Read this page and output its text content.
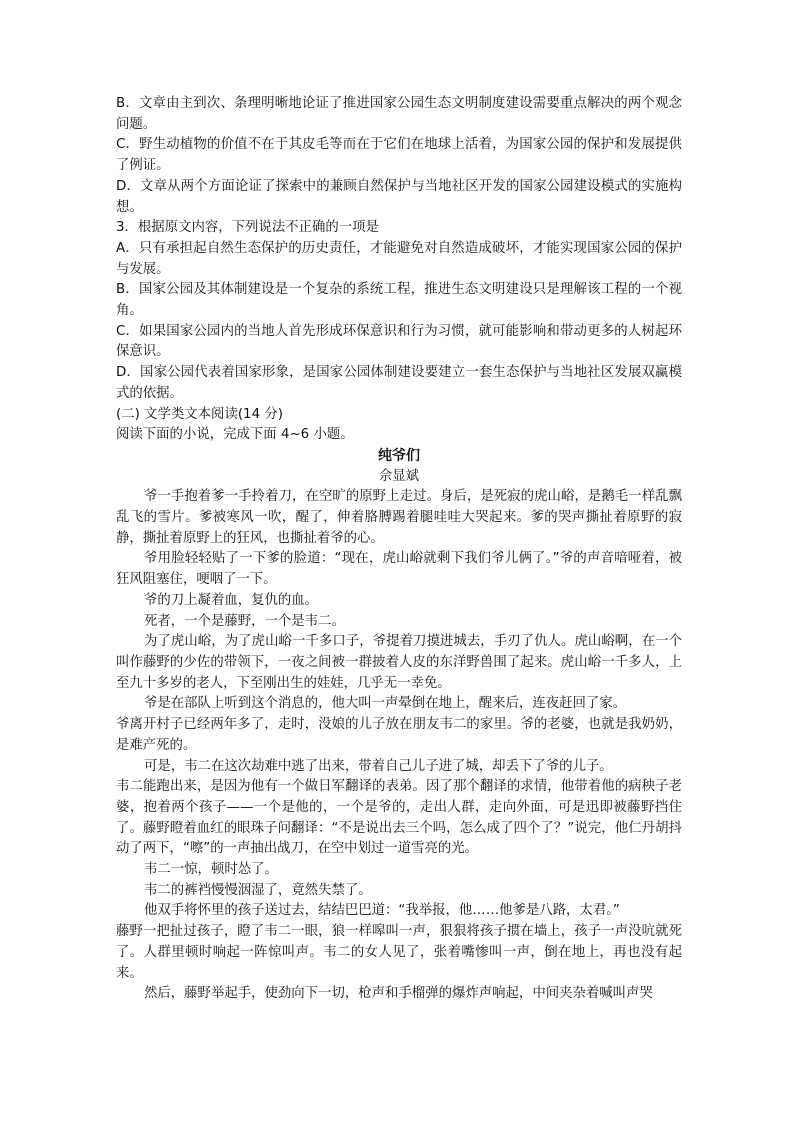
B．文章由主到次、条理明晰地论证了推进国家公园生态文明制度建设需要重点解决的两个观念问题。

C．野生动植物的价值不在于其皮毛等而在于它们在地球上活着，为国家公园的保护和发展提供了例证。

D．文章从两个方面论证了探索中的兼顾自然保护与当地社区开发的国家公园建设模式的实施构想。

3．根据原文内容，下列说法不正确的一项是

A．只有承担起自然生态保护的历史责任，才能避免对自然造成破坏，才能实现国家公园的保护与发展。

B．国家公园及其体制建设是一个复杂的系统工程，推进生态文明建设只是理解该工程的一个视角。

C．如果国家公园内的当地人首先形成环保意识和行为习惯，就可能影响和带动更多的人树起环保意识。

D．国家公园代表着国家形象，是国家公园体制建设要建立一套生态保护与当地社区发展双赢模式的依据。

(二) 文学类文本阅读(14 分)

阅读下面的小说，完成下面 4~6 小题。

纯爷们

佘显斌

爷一手抱着爹一手拎着刀，在空旷的原野上走过。身后，是死寂的虎山峪，是鹅毛一样乱飘乱飞的雪片。爹被寒风一吹，醒了，伸着胳膊踢着腿哇哇大哭起来。爹的哭声撕扯着原野的寂静，撕扯着原野上的狂风，也撕扯着爷的心。

爷用脸轻轻贴了一下爹的脸道：“现在，虎山峪就剩下我们爷儿俩了。”爷的声音喑哑着，被狂风阻塞住，哽咽了一下。

爷的刀上凝着血，复仇的血。

死者，一个是藤野，一个是韦二。

为了虎山峪，为了虎山峪一千多口子，爷提着刀摸进城去，手刃了仇人。虎山峪啊，在一个叫作藤野的少佐的带领下，一夜之间被一群披着人皮的东洋野兽围了起来。虎山峪一千多人，上至九十多岁的老人，下至刚出生的娃娃，几乎无一幸免。

爷是在部队上听到这个消息的，他大叫一声晕倒在地上，醒来后，连夜赶回了家。

爷离开村子已经两年多了，走时，没娘的儿子放在朋友韦二的家里。爷的老婆，也就是我奶奶，是难产死的。

可是，韦二在这次劫难中逃了出来，带着自己儿子进了城，却丢下了爷的儿子。

韦二能跑出来，是因为他有一个做日军翻译的表弟。因了那个翻译的求情，他带着他的病秧子老婆，抱着两个孩子——一个是他的，一个是爷的，走出人群，走向外面，可是迅即被藤野挡住了。藤野瞪着血红的眼珠子问翻译：“不是说出去三个吗，怎么成了四个了？”说完，他仁丹胡抖动了两下，“嚓”的一声抽出战刀，在空中划过一道雪亮的光。

韦二一惊，顿时怂了。

韦二的裤裆慢慢洇湿了，竟然失禁了。

他双手将怀里的孩子送过去，结结巴巴道：“我举报，他……他爹是八路，太君。”

藤野一把扯过孩子，瞪了韦二一眼，狼一样嗥叫一声，狠狠将孩子掼在墙上，孩子一声没吭就死了。人群里顿时响起一阵惊叫声。韦二的女人见了，张着嘴惨叫一声，倒在地上，再也没有起来。

然后，藤野举起手，使劲向下一切，枪声和手榴弹的爆炸声响起，中间夹杂着喊叫声哭
